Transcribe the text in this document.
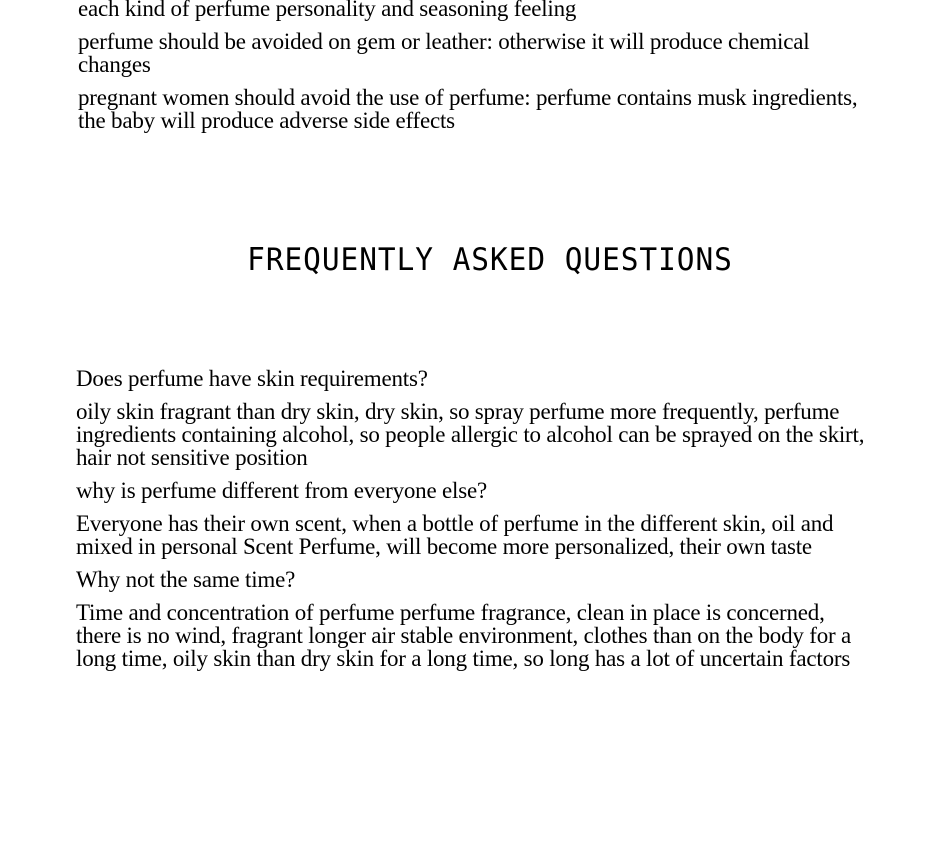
each kind of perfume personality and seasoning feeling

perfume should be avoided on gem or leather: otherwise it will produce chemical changes

pregnant women should avoid the use of perfume: perfume contains musk ingredients, the baby will produce adverse side effects

FREQUENTLY ASKED QUESTIONS

Does perfume have skin requirements?

oily skin fragrant than dry skin, dry skin, so spray perfume more frequently, perfume ingredients containing alcohol, so people allergic to alcohol can be sprayed on the skirt, hair not sensitive position

why is perfume different from everyone else?

Everyone has their own scent, when a bottle of perfume in the different skin, oil and mixed in personal Scent Perfume, will become more personalized, their own taste

Why not the same time?

Time and concentration of perfume perfume fragrance, clean in place is concerned, there is no wind, fragrant longer air stable environment, clothes than on the body for a long time, oily skin than dry skin for a long time, so long has a lot of uncertain factors
